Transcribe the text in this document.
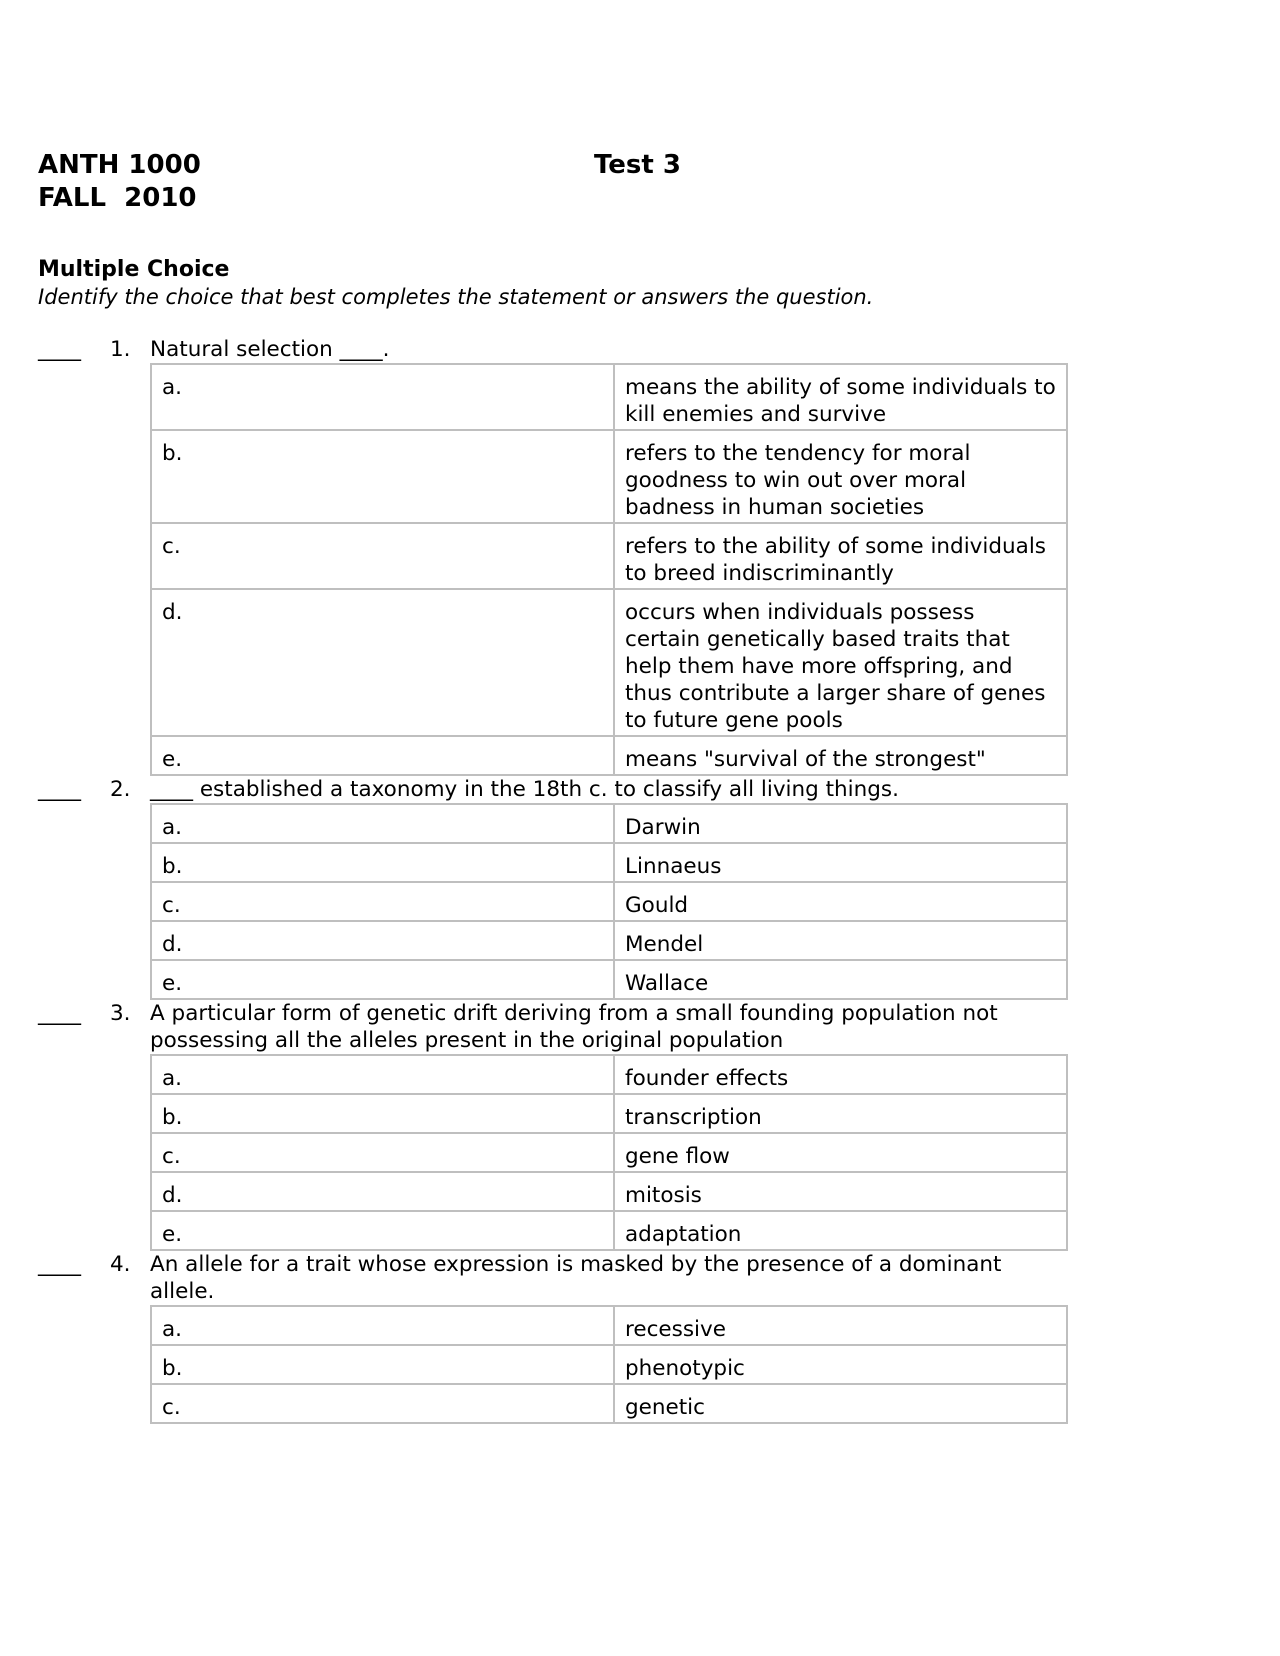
ANTH 1000	Test 3
FALL  2010
Multiple Choice
Identify the choice that best completes the statement or answers the question.
____ 1. Natural selection ____.
a.	means the ability of some individuals to kill enemies and survive
b.	refers to the tendency for moral goodness to win out over moral badness in human societies
c.	refers to the ability of some individuals to breed indiscriminantly
d.	occurs when individuals possess certain genetically based traits that help them have more offspring, and thus contribute a larger share of genes to future gene pools
e.	means "survival of the strongest"
____ 2. ____ established a taxonomy in the 18th c. to classify all living things.
a.	Darwin
b.	Linnaeus
c.	Gould
d.	Mendel
e.	Wallace
____ 3. A particular form of genetic drift deriving from a small founding population not possessing all the alleles present in the original population
a.	founder effects
b.	transcription
c.	gene flow
d.	mitosis
e.	adaptation
____ 4. An allele for a trait whose expression is masked by the presence of a dominant allele.
a.	recessive
b.	phenotypic
c.	genetic
